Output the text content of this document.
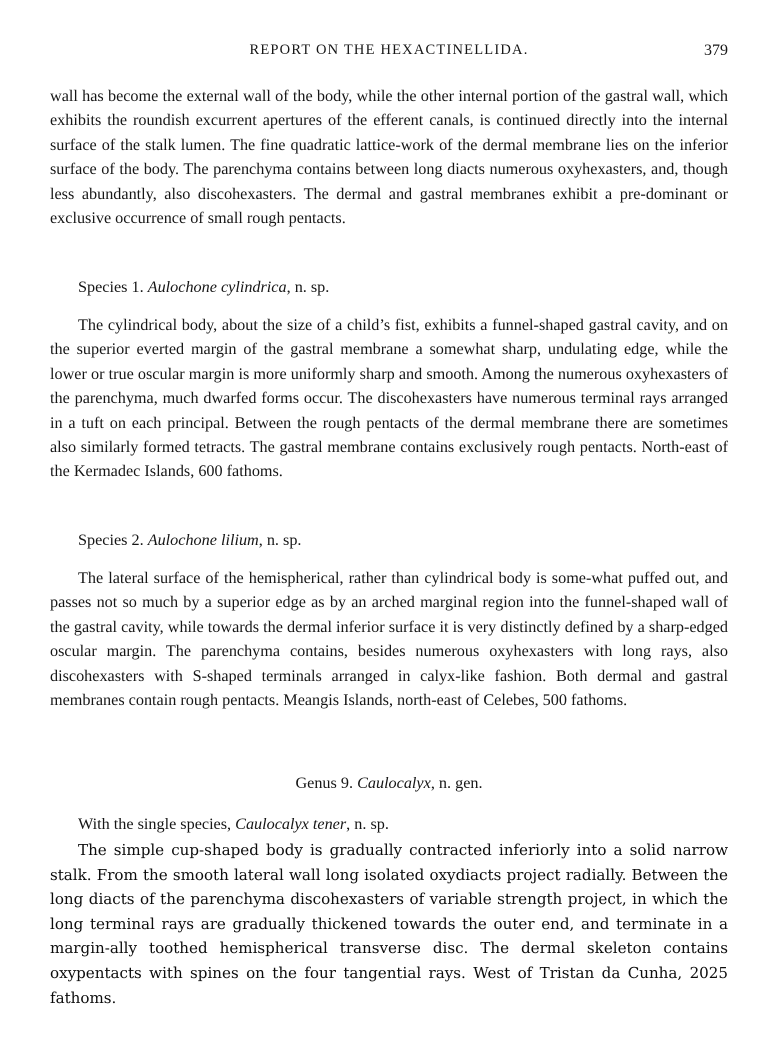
REPORT ON THE HEXACTINELLIDA.	379

wall has become the external wall of the body, while the other internal portion of the gastral wall, which exhibits the roundish excurrent apertures of the efferent canals, is continued directly into the internal surface of the stalk lumen. The fine quadratic lattice-work of the dermal membrane lies on the inferior surface of the body. The parenchyma contains between long diacts numerous oxyhexasters, and, though less abundantly, also discohexasters. The dermal and gastral membranes exhibit a pre-dominant or exclusive occurrence of small rough pentacts.

Species 1. Aulochone cylindrica, n. sp.

The cylindrical body, about the size of a child’s fist, exhibits a funnel-shaped gastral cavity, and on the superior everted margin of the gastral membrane a somewhat sharp, undulating edge, while the lower or true oscular margin is more uniformly sharp and smooth. Among the numerous oxyhexasters of the parenchyma, much dwarfed forms occur. The discohexasters have numerous terminal rays arranged in a tuft on each principal. Between the rough pentacts of the dermal membrane there are sometimes also similarly formed tetracts. The gastral membrane contains exclusively rough pentacts. North-east of the Kermadec Islands, 600 fathoms.

Species 2. Aulochone lilium, n. sp.

The lateral surface of the hemispherical, rather than cylindrical body is some-what puffed out, and passes not so much by a superior edge as by an arched marginal region into the funnel-shaped wall of the gastral cavity, while towards the dermal inferior surface it is very distinctly defined by a sharp-edged oscular margin. The parenchyma contains, besides numerous oxyhexasters with long rays, also discohexasters with S-shaped terminals arranged in calyx-like fashion. Both dermal and gastral membranes contain rough pentacts. Meangis Islands, north-east of Celebes, 500 fathoms.

Genus 9. Caulocalyx, n. gen.

With the single species, Caulocalyx tener, n. sp.

The simple cup-shaped body is gradually contracted inferiorly into a solid narrow stalk. From the smooth lateral wall long isolated oxydiacts project radially. Between the long diacts of the parenchyma discohexasters of variable strength project, in which the long terminal rays are gradually thickened towards the outer end, and terminate in a margin-ally toothed hemispherical transverse disc. The dermal skeleton contains oxypentacts with spines on the four tangential rays. West of Tristan da Cunha, 2025 fathoms.
